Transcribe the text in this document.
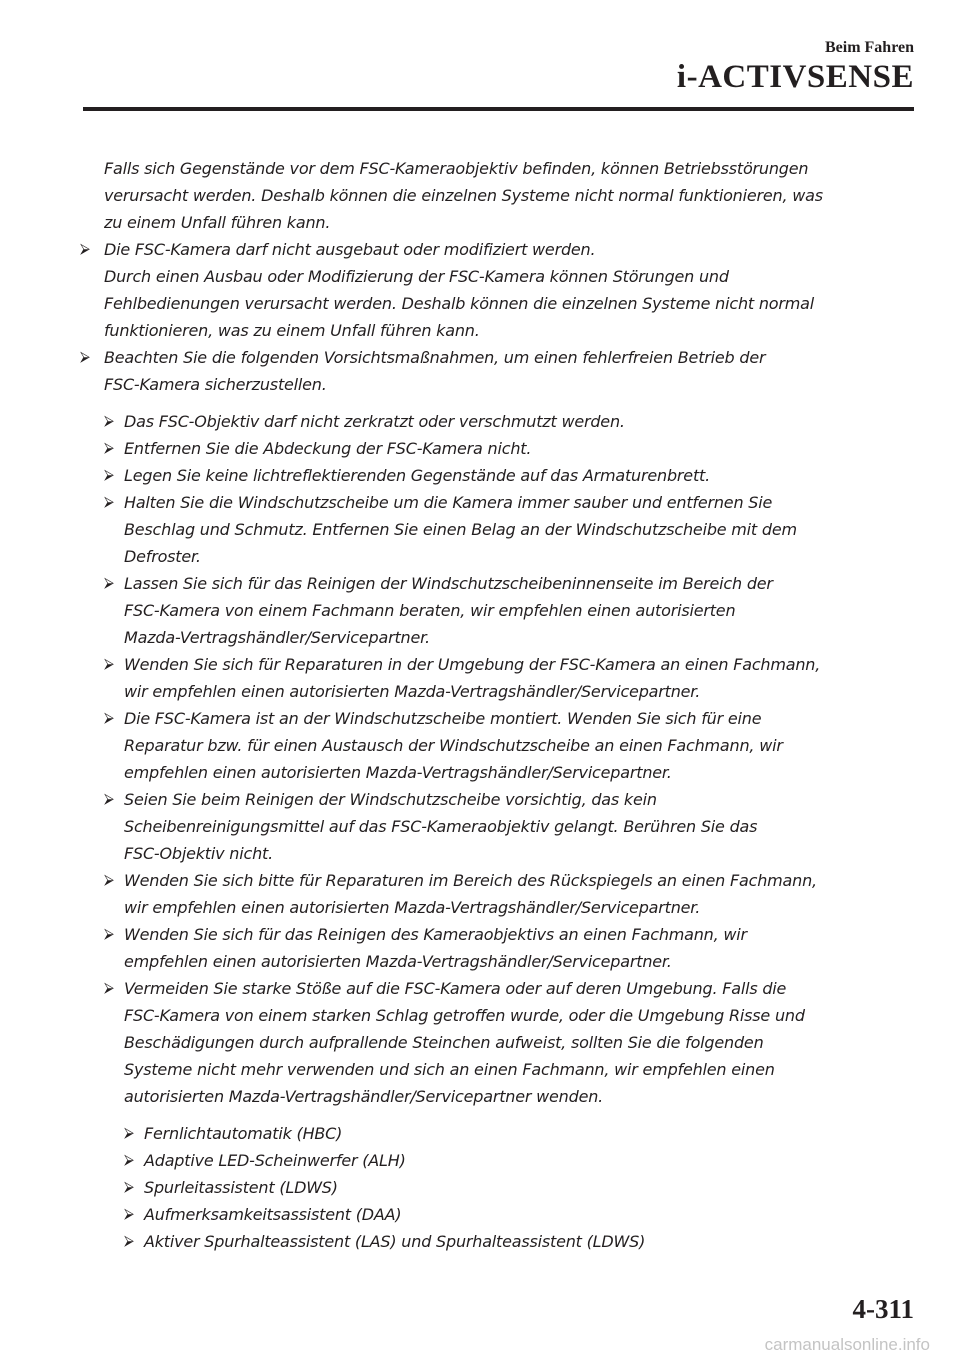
Beim Fahren
i-ACTIVSENSE
Falls sich Gegenstände vor dem FSC-Kameraobjektiv befinden, können Betriebsstörungen
verursacht werden. Deshalb können die einzelnen Systeme nicht normal funktionieren, was
zu einem Unfall führen kann.
⮚ Die FSC-Kamera darf nicht ausgebaut oder modifiziert werden.
Durch einen Ausbau oder Modifizierung der FSC-Kamera können Störungen und
Fehlbedienungen verursacht werden. Deshalb können die einzelnen Systeme nicht normal
funktionieren, was zu einem Unfall führen kann.
⮚ Beachten Sie die folgenden Vorsichtsmaßnahmen, um einen fehlerfreien Betrieb der
FSC-Kamera sicherzustellen.
⮚ Das FSC-Objektiv darf nicht zerkratzt oder verschmutzt werden.
⮚ Entfernen Sie die Abdeckung der FSC-Kamera nicht.
⮚ Legen Sie keine lichtreflektierenden Gegenstände auf das Armaturenbrett.
⮚ Halten Sie die Windschutzscheibe um die Kamera immer sauber und entfernen Sie
Beschlag und Schmutz. Entfernen Sie einen Belag an der Windschutzscheibe mit dem
Defroster.
⮚ Lassen Sie sich für das Reinigen der Windschutzscheibeninnenseite im Bereich der
FSC-Kamera von einem Fachmann beraten, wir empfehlen einen autorisierten
Mazda-Vertragshändler/Servicepartner.
⮚ Wenden Sie sich für Reparaturen in der Umgebung der FSC-Kamera an einen Fachmann,
wir empfehlen einen autorisierten Mazda-Vertragshändler/Servicepartner.
⮚ Die FSC-Kamera ist an der Windschutzscheibe montiert. Wenden Sie sich für eine
Reparatur bzw. für einen Austausch der Windschutzscheibe an einen Fachmann, wir
empfehlen einen autorisierten Mazda-Vertragshändler/Servicepartner.
⮚ Seien Sie beim Reinigen der Windschutzscheibe vorsichtig, das kein
Scheibenreinigungsmittel auf das FSC-Kameraobjektiv gelangt. Berühren Sie das
FSC-Objektiv nicht.
⮚ Wenden Sie sich bitte für Reparaturen im Bereich des Rückspiegels an einen Fachmann,
wir empfehlen einen autorisierten Mazda-Vertragshändler/Servicepartner.
⮚ Wenden Sie sich für das Reinigen des Kameraobjektivs an einen Fachmann, wir
empfehlen einen autorisierten Mazda-Vertragshändler/Servicepartner.
⮚ Vermeiden Sie starke Stöße auf die FSC-Kamera oder auf deren Umgebung. Falls die
FSC-Kamera von einem starken Schlag getroffen wurde, oder die Umgebung Risse und
Beschädigungen durch aufprallende Steinchen aufweist, sollten Sie die folgenden
Systeme nicht mehr verwenden und sich an einen Fachmann, wir empfehlen einen
autorisierten Mazda-Vertragshändler/Servicepartner wenden.
⮚ Fernlichtautomatik (HBC)
⮚ Adaptive LED-Scheinwerfer (ALH)
⮚ Spurleitassistent (LDWS)
⮚ Aufmerksamkeitsassistent (DAA)
⮚ Aktiver Spurhalteassistent (LAS) und Spurhalteassistent (LDWS)
4-311
carmanualsonline.info
